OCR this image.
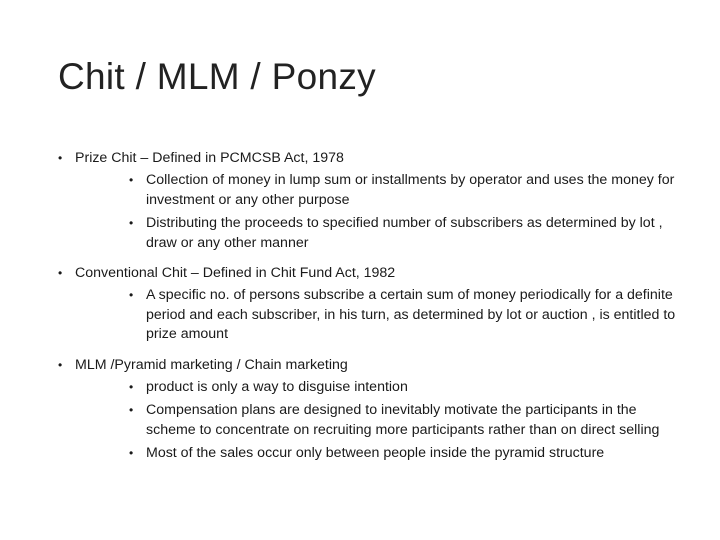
Chit / MLM / Ponzy
• Prize Chit – Defined in PCMCSB Act, 1978
• Collection of money in lump sum or installments by operator and uses the money for investment or any other purpose
• Distributing the proceeds to specified number of subscribers as determined by lot , draw or any other manner
• Conventional Chit – Defined in Chit Fund Act, 1982
• A specific no. of persons subscribe a certain sum of money periodically for a definite period and each subscriber, in his turn, as determined by lot or auction , is entitled to prize amount
• MLM /Pyramid marketing / Chain marketing
• product is only a way to disguise intention
• Compensation plans are designed to inevitably motivate the participants in the scheme to concentrate on recruiting more participants rather than on direct selling
• Most of the sales occur only between people inside the pyramid structure
